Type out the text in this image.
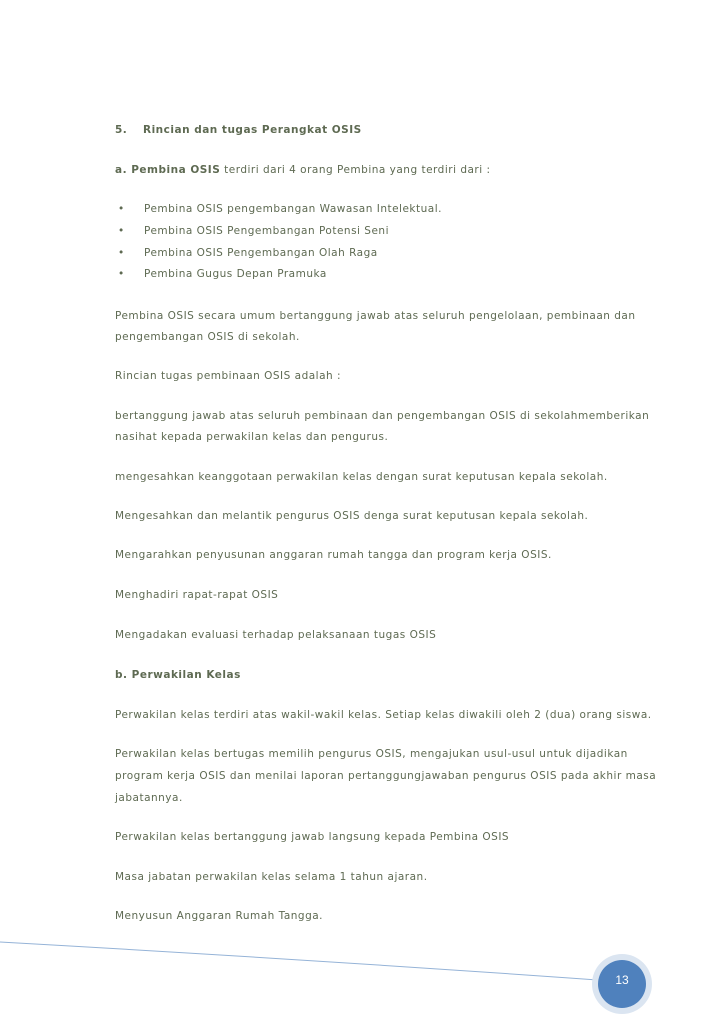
5. Rincian dan tugas Perangkat OSIS
a. Pembina OSIS terdiri dari 4 orang Pembina yang terdiri dari :
• Pembina OSIS pengembangan Wawasan Intelektual.
• Pembina OSIS Pengembangan Potensi Seni
• Pembina OSIS Pengembangan Olah Raga
• Pembina Gugus Depan Pramuka
Pembina OSIS secara umum bertanggung jawab atas seluruh pengelolaan, pembinaan dan
pengembangan OSIS di sekolah.
Rincian tugas pembinaan OSIS adalah :
bertanggung jawab atas seluruh pembinaan dan pengembangan OSIS di sekolahmemberikan
nasihat kepada perwakilan kelas dan pengurus.
mengesahkan keanggotaan perwakilan kelas dengan surat keputusan kepala sekolah.
Mengesahkan dan melantik pengurus OSIS denga surat keputusan kepala sekolah.
Mengarahkan penyusunan anggaran rumah tangga dan program kerja OSIS.
Menghadiri rapat-rapat OSIS
Mengadakan evaluasi terhadap pelaksanaan tugas OSIS
b. Perwakilan Kelas
Perwakilan kelas terdiri atas wakil-wakil kelas. Setiap kelas diwakili oleh 2 (dua) orang siswa.
Perwakilan kelas bertugas memilih pengurus OSIS, mengajukan usul-usul untuk dijadikan
program kerja OSIS dan menilai laporan pertanggungjawaban pengurus OSIS pada akhir masa
jabatannya.
Perwakilan kelas bertanggung jawab langsung kepada Pembina OSIS
Masa jabatan perwakilan kelas selama 1 tahun ajaran.
Menyusun Anggaran Rumah Tangga.
13
